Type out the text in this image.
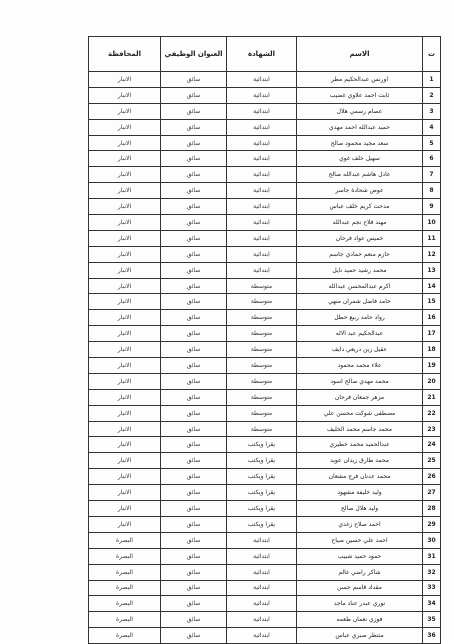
ت	الاسم	الشهادة	العنوان الوظيفي	المحافظة
1	اورنس عبدالحكيم مطر	ابتدائية	سائق	الانبار
2	ثابت احمد علاوي غضيب	ابتدائية	سائق	الانبار
3	عصام رسمي هلال	ابتدائية	سائق	الانبار
4	حميد عبدالله احمد مهدي	ابتدائية	سائق	الانبار
5	سعد مجيد محمود صالح	ابتدائية	سائق	الانبار
6	سهيل خلف غوي	ابتدائية	سائق	الانبار
7	عادل هاشم عبدالله صالح	ابتدائية	سائق	الانبار
8	عوض شحادة جاسر	ابتدائية	سائق	الانبار
9	مدحت كريم خلف عباس	ابتدائية	سائق	الانبار
10	مهند فلاح نجم عبدالله	ابتدائية	سائق	الانبار
11	خميس عواد فرحان	ابتدائية	سائق	الانبار
12	حازم منعم حمادي جاسم	ابتدائية	سائق	الانبار
13	محمد رشيد حميد نايل	ابتدائية	سائق	الانبار
14	اكرم عبدالمحسن عبدالله	متوسطة	سائق	الانبار
15	حامد فاضل شمران منهي	متوسطة	سائق	الانبار
16	رواد حامد ربيع حطل	متوسطة	سائق	الانبار
17	عبدالحكيم عبد الاله	متوسطة	سائق	الانبار
18	عقيل زين دريعي دايف	متوسطة	سائق	الانبار
19	علاء محمد محمود	متوسطة	سائق	الانبار
20	محمد مهدي صالح اسود	متوسطة	سائق	الانبار
21	مزهر جمعان فرحان	متوسطة	سائق	الانبار
22	مصطفى شوكت محسن علي	متوسطة	سائق	الانبار
23	محمد جاسم محمد الخليف	متوسطة	سائق	الانبار
24	عبدالحميد محمد خطيري	يقرا ويكتب	سائق	الانبار
25	محمد طارق زيدان عويد	يقرا ويكتب	سائق	الانبار
26	محمد عدنان فرج مشعان	يقرا ويكتب	سائق	الانبار
27	وليد خليفة مشهود	يقرا ويكتب	سائق	الانبار
28	وليد هلال صالح	يقرا ويكتب	سائق	الانبار
29	احمد صلاح زغدي	يقرا ويكتب	سائق	الانبار
30	احمد علي حسين صياح	ابتدائية	سائق	البصرة
31	حمود حميد شبيب	ابتدائية	سائق	البصرة
32	شاكر راضي غالم	ابتدائية	سائق	البصرة
33	مقداد قاسم حسن	ابتدائية	سائق	البصرة
34	نوري عبدر عناد ماجد	ابتدائية	سائق	البصرة
35	فوزي نعمان طعمه	ابتدائية	سائق	البصرة
36	منتظر صبري عباس	ابتدائية	سائق	البصرة
